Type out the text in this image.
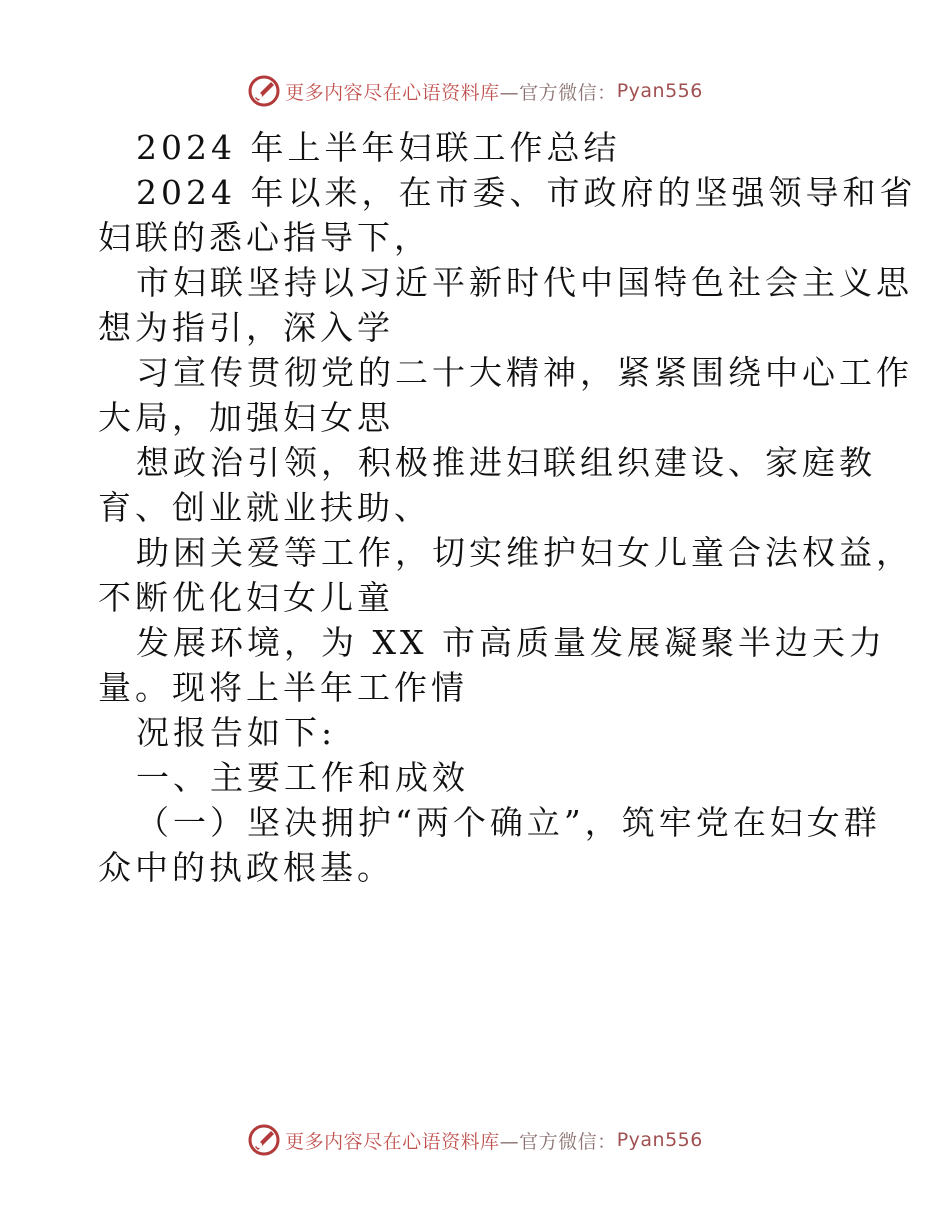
更多内容尽在心语资料库 —官方微信： Pyan556
2024 年上半年妇联工作总结
2024 年以来，在市委、市政府的坚强领导和省
妇联的悉心指导下，
市妇联坚持以习近平新时代中国特色社会主义思
想为指引，深入学
习宣传贯彻党的二十大精神，紧紧围绕中心工作
大局，加强妇女思
想政治引领，积极推进妇联组织建设、家庭教
育、创业就业扶助、
助困关爱等工作，切实维护妇女儿童合法权益，
不断优化妇女儿童
发展环境，为 XX 市高质量发展凝聚半边天力
量。现将上半年工作情
况报告如下:
一、主要工作和成效
（一）坚决拥护“两个确立”，筑牢党在妇女群
众中的执政根基。
更多内容尽在心语资料库 —官方微信： Pyan556
